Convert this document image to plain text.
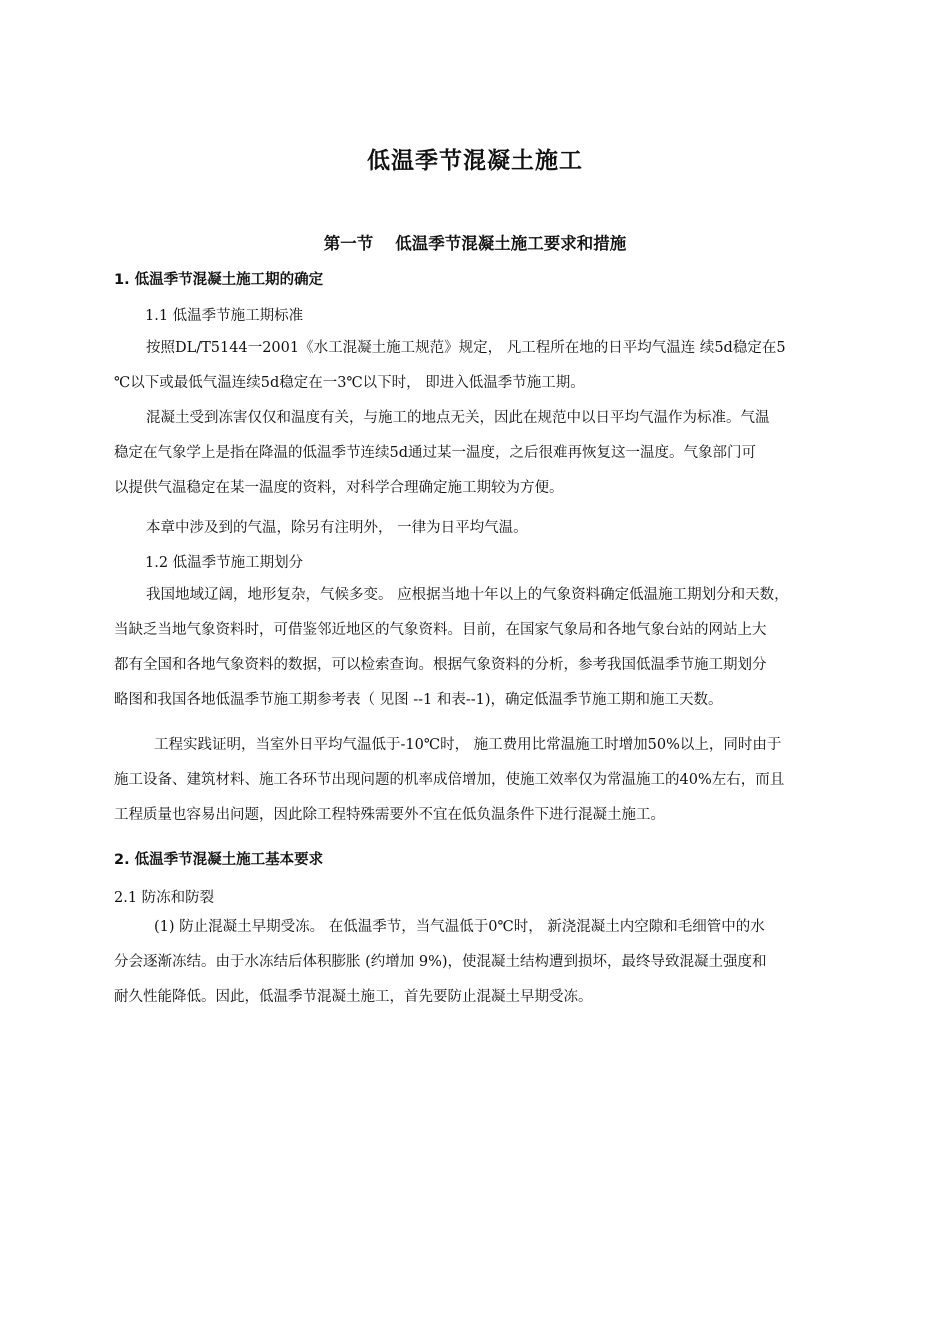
低温季节混凝土施工
第一节 低温季节混凝土施工要求和措施
1. 低温季节混凝土施工期的确定
1.1 低温季节施工期标准
按照DL/T5144一2001《水工混凝土施工规范》规定， 凡工程所在地的日平均气温连 续5d稳定在5
℃以下或最低气温连续5d稳定在一3℃以下时， 即进入低温季节施工期。
混凝土受到冻害仅仅和温度有关，与施工的地点无关，因此在规范中以日平均气温作为标准。气温
稳定在气象学上是指在降温的低温季节连续5d通过某一温度，之后很难再恢复这一温度。气象部门可
以提供气温稳定在某一温度的资料，对科学合理确定施工期较为方便。
本章中涉及到的气温，除另有注明外， 一律为日平均气温。
1.2 低温季节施工期划分
我国地域辽阔，地形复杂，气候多变。 应根据当地十年以上的气象资料确定低温施工期划分和天数，
当缺乏当地气象资料时，可借鉴邻近地区的气象资料。目前，在国家气象局和各地气象台站的网站上大
都有全国和各地气象资料的数据，可以检索查询。根据气象资料的分析，参考我国低温季节施工期划分
略图和我国各地低温季节施工期参考表（ 见图 --1 和表--1)，确定低温季节施工期和施工天数。
工程实践证明，当室外日平均气温低于-10℃时， 施工费用比常温施工时增加50%以上，同时由于
施工设备、建筑材料、施工各环节出现问题的机率成倍增加，使施工效率仅为常温施工的40%左右，而且
工程质量也容易出问题，因此除工程特殊需要外不宜在低负温条件下进行混凝土施工。
2. 低温季节混凝土施工基本要求
2.1 防冻和防裂
(1) 防止混凝土早期受冻。 在低温季节，当气温低于0℃时， 新浇混凝土内空隙和毛细管中的水
分会逐渐冻结。由于水冻结后体积膨胀 (约增加 9%)，使混凝土结构遭到损坏，最终导致混凝土强度和
耐久性能降低。因此，低温季节混凝土施工，首先要防止混凝土早期受冻。
